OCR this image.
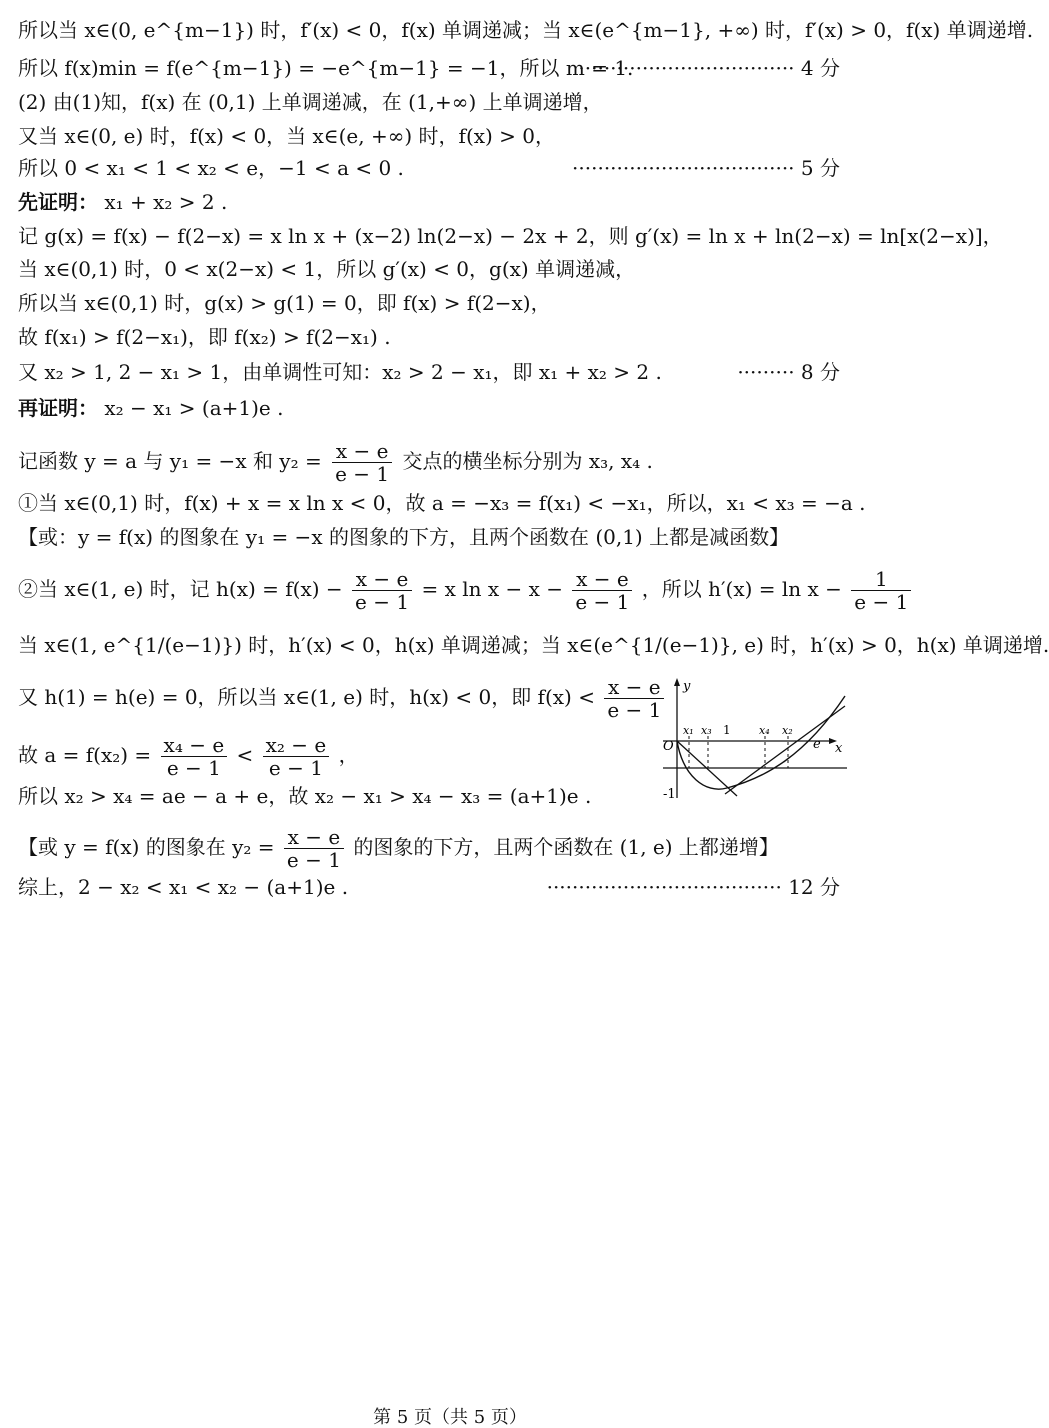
所以当 x∈(0, e^{m−1}) 时，f′(x) < 0，f(x) 单调递减；当 x∈(e^{m−1}, +∞) 时，f′(x) > 0，f(x) 单调递增.
所以 f(x)min = f(e^{m−1}) = −e^{m−1} = −1，所以 m = 1.
·································· 4 分
(2) 由(1)知，f(x) 在 (0,1) 上单调递减，在 (1,+∞) 上单调递增，
又当 x∈(0, e) 时，f(x) < 0，当 x∈(e, +∞) 时，f(x) > 0，
所以 0 < x₁ < 1 < x₂ < e，−1 < a < 0 .	··································· 5 分
先证明： x₁ + x₂ > 2 .
记 g(x) = f(x) − f(2−x) = x ln x + (x−2) ln(2−x) − 2x + 2，则 g′(x) = ln x + ln(2−x) = ln[x(2−x)]，
当 x∈(0,1) 时，0 < x(2−x) < 1，所以 g′(x) < 0，g(x) 单调递减，
所以当 x∈(0,1) 时，g(x) > g(1) = 0，即 f(x) > f(2−x)，
故 f(x₁) > f(2−x₁)，即 f(x₂) > f(2−x₁) .
又 x₂ > 1, 2 − x₁ > 1，由单调性可知：x₂ > 2 − x₁，即 x₁ + x₂ > 2 .	········· 8 分
再证明： x₂ − x₁ > (a+1)e .
记函数 y = a 与 y₁ = −x 和 $y_2 = \frac{x - e}{e - 1}$ 交点的横坐标分别为 x₃, x₄ .
①当 x∈(0,1) 时，f(x) + x = x ln x < 0，故 a = −x₃ = f(x₁) < −x₁，所以，x₁ < x₃ = −a .
【或：y = f(x) 的图象在 y₁ = −x 的图象的下方，且两个函数在 (0,1) 上都是减函数】
②当 x∈(1, e) 时，记 $h(x) = f(x) - \frac{x - e}{e - 1} = x$ $\ln x - x - \frac{x - e}{e - 1}$ ，所以 $h'(x) = \ln x - \frac{1}{e - 1}$
当 x∈(1, e^{1/(e−1)}) 时，h′(x) < 0，h(x) 单调递减；当 x∈(e^{1/(e−1)}, e) 时，h′(x) > 0，h(x) 单调递增.
又 h(1) = h(e) = 0，所以当 x∈(1, e) 时，h(x) < 0，即 $f(x) < \frac{x - e}{e - 1}$
故 $a = f(x_2) = \frac{\text{x₄ − e}}{e - 1} < \frac{\text{x₂ − e}}{e - 1}$ ，
所以 x₂ > x₄ = ae − a + e，故 x₂ − x₁ > x₄ − x₃ = (a+1)e .
【或 y = f(x) 的图象在 $y_2 = \frac{x - e}{e - 1}$ 的图象的下方，且两个函数在 (1, e) 上都递增】
综上，2 − x₂ < x₁ < x₂ − (a+1)e .	····································· 12 分
y
x
O
-1
1
e
x₁ x₃	x₄ x₂
第 5 页（共 5 页）
